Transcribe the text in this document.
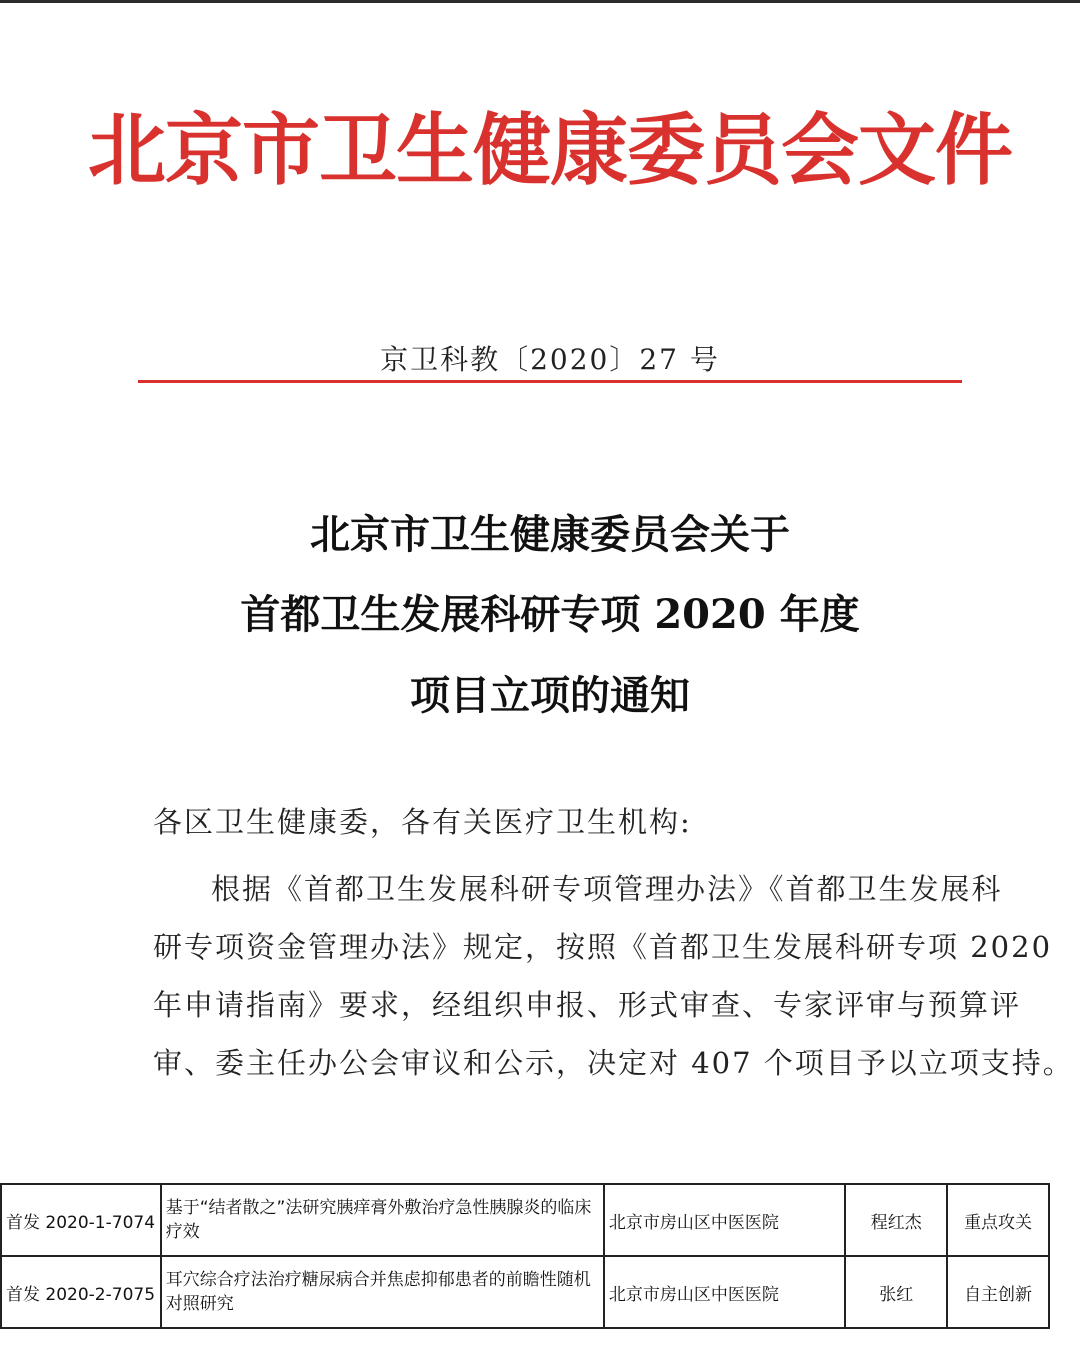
北京市卫生健康委员会文件
京卫科教〔2020〕27 号
北京市卫生健康委员会关于
首都卫生发展科研专项 2020 年度
项目立项的通知
各区卫生健康委，各有关医疗卫生机构:
根据《首都卫生发展科研专项管理办法》《首都卫生发展科
研专项资金管理办法》规定，按照《首都卫生发展科研专项 2020
年申请指南》要求，经组织申报、形式审查、专家评审与预算评
审、委主任办公会审议和公示，决定对 407 个项目予以立项支持。
首发 2020-1-7074	基于“结者散之”法研究胰痒膏外敷治疗急性胰腺炎的临床疗效	北京市房山区中医医院	程红杰	重点攻关
首发 2020-2-7075	耳穴综合疗法治疗糖尿病合并焦虑抑郁患者的前瞻性随机对照研究	北京市房山区中医医院	张红	自主创新
